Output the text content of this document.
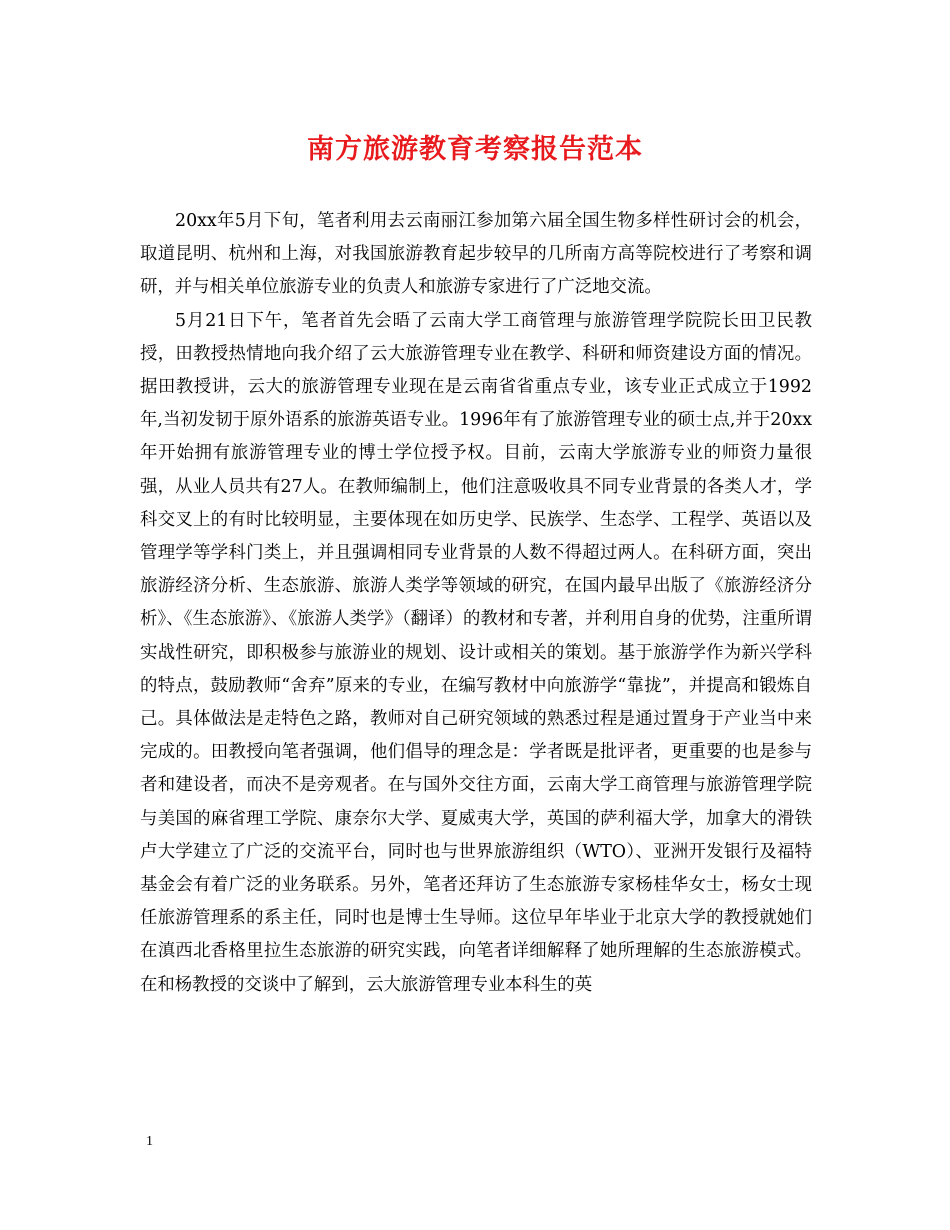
南方旅游教育考察报告范本

20xx年5月下旬，笔者利用去云南丽江参加第六届全国生物多样性研讨会的机会，取道昆明、杭州和上海，对我国旅游教育起步较早的几所南方高等院校进行了考察和调研，并与相关单位旅游专业的负责人和旅游专家进行了广泛地交流。

5月21日下午，笔者首先会晤了云南大学工商管理与旅游管理学院院长田卫民教授，田教授热情地向我介绍了云大旅游管理专业在教学、科研和师资建设方面的情况。据田教授讲，云大的旅游管理专业现在是云南省省重点专业，该专业正式成立于1992年,当初发韧于原外语系的旅游英语专业。1996年有了旅游管理专业的硕士点,并于20xx年开始拥有旅游管理专业的博士学位授予权。目前，云南大学旅游专业的师资力量很强，从业人员共有27人。在教师编制上，他们注意吸收具不同专业背景的各类人才，学科交叉上的有时比较明显，主要体现在如历史学、民族学、生态学、工程学、英语以及管理学等学科门类上，并且强调相同专业背景的人数不得超过两人。在科研方面，突出旅游经济分析、生态旅游、旅游人类学等领域的研究，在国内最早出版了《旅游经济分析》、《生态旅游》、《旅游人类学》（翻译）的教材和专著，并利用自身的优势，注重所谓实战性研究，即积极参与旅游业的规划、设计或相关的策划。基于旅游学作为新兴学科的特点，鼓励教师“舍弃”原来的专业，在编写教材中向旅游学“靠拢”，并提高和锻炼自己。具体做法是走特色之路，教师对自己研究领域的熟悉过程是通过置身于产业当中来完成的。田教授向笔者强调，他们倡导的理念是：学者既是批评者，更重要的也是参与者和建设者，而决不是旁观者。在与国外交往方面，云南大学工商管理与旅游管理学院与美国的麻省理工学院、康奈尔大学、夏威夷大学，英国的萨利福大学，加拿大的滑铁卢大学建立了广泛的交流平台，同时也与世界旅游组织（WTO）、亚洲开发银行及福特基金会有着广泛的业务联系。另外，笔者还拜访了生态旅游专家杨桂华女士，杨女士现任旅游管理系的系主任，同时也是博士生导师。这位早年毕业于北京大学的教授就她们在滇西北香格里拉生态旅游的研究实践，向笔者详细解释了她所理解的生态旅游模式。在和杨教授的交谈中了解到，云大旅游管理专业本科生的英

1
